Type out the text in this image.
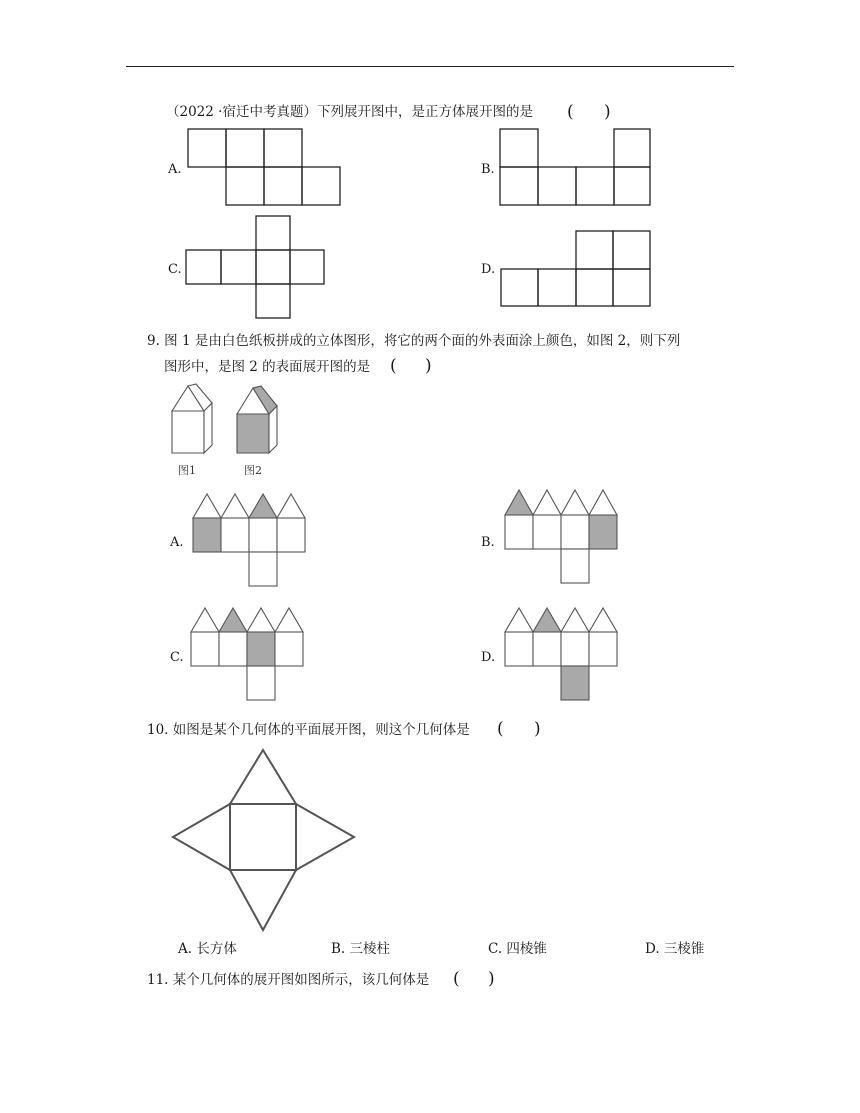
（2022 ·宿迁中考真题）下列展开图中，是正方体展开图的是 ( )
A.	B.
C.	D.
9. 图 1 是由白色纸板拼成的立体图形，将它的两个面的外表面涂上颜色，如图 2，则下列
图形中，是图 2 的表面展开图的是 ( )
图1	图2
A.	B.
C.	D.
10. 如图是某个几何体的平面展开图，则这个几何体是 ( )
A. 长方体	B. 三棱柱	C. 四棱锥	D. 三棱锥
11. 某个几何体的展开图如图所示，该几何体是 ( )
